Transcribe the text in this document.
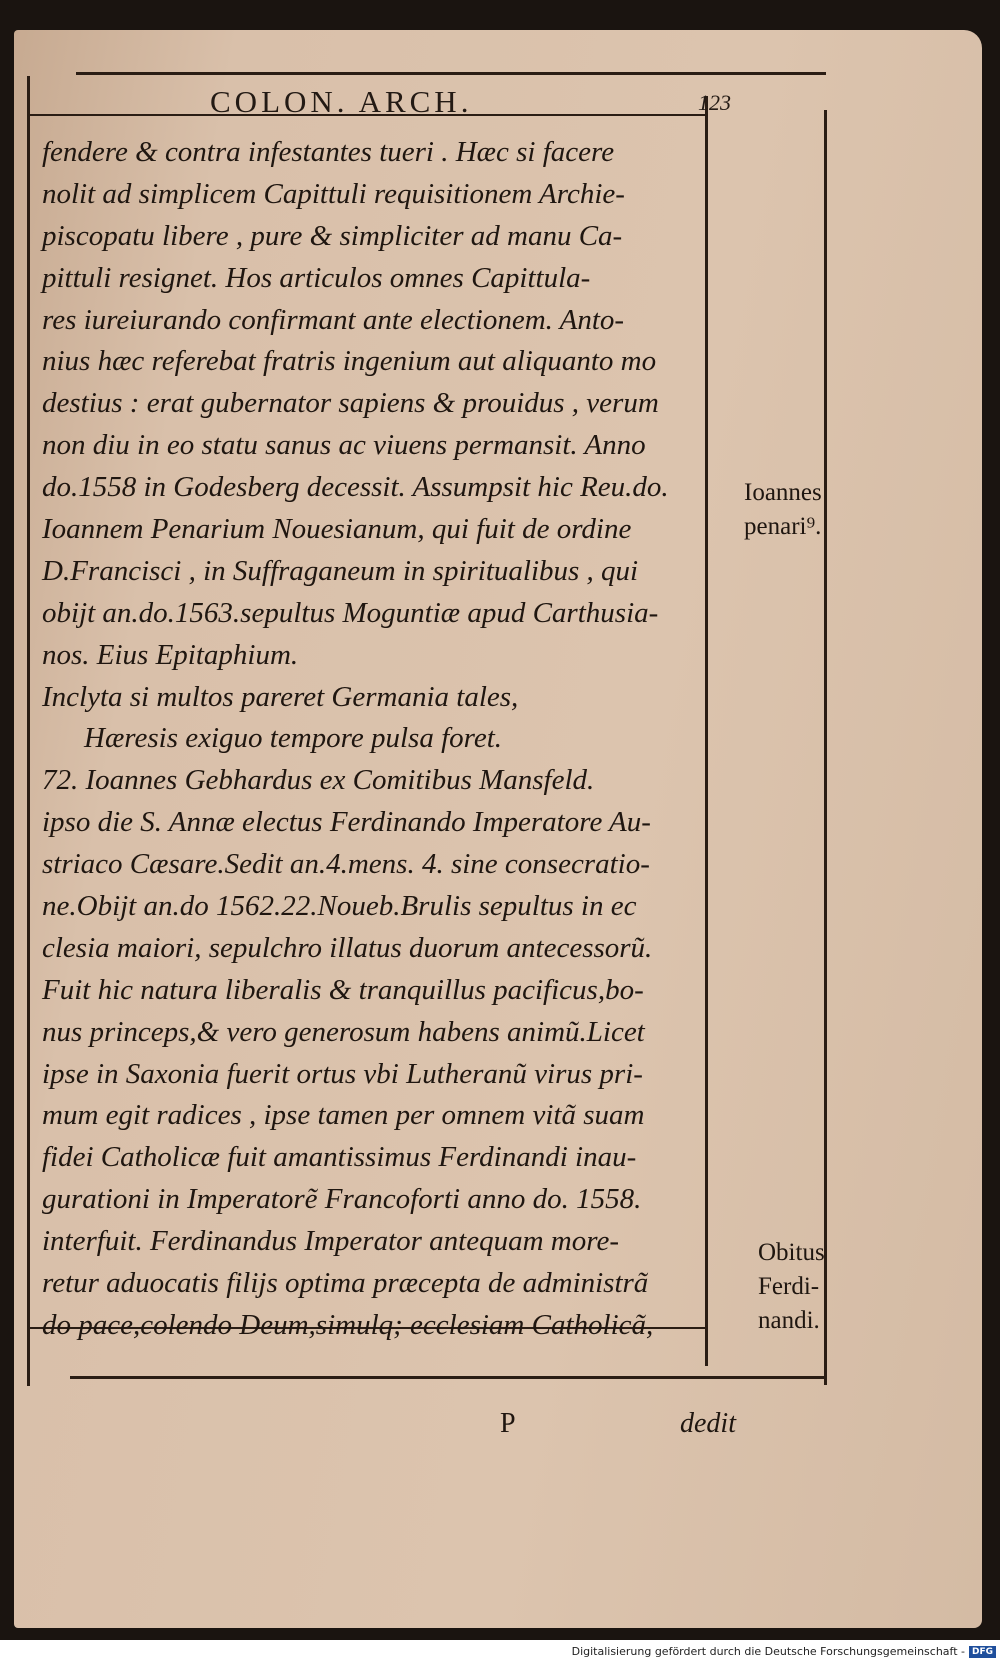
COLON. ARCH.	123
fendere & contra infestantes tueri . Hæc si facere
nolit ad simplicem Capittuli requisitionem Archie-
piscopatu libere , pure & simpliciter ad manu Ca-
pittuli resignet. Hos articulos omnes Capittula-
res iureiurando confirmant ante electionem. Anto-
nius hæc referebat fratris ingenium aut aliquanto mo
destius : erat gubernator sapiens & prouidus , verum
non diu in eo statu sanus ac viuens permansit. Anno
do.1558 in Godesberg decessit. Assumpsit hic Reu.do.
Ioannem Penarium Nouesianum, qui fuit de ordine
D.Francisci , in Suffraganeum in spiritualibus , qui
obijt an.do.1563.sepultus Moguntiæ apud Carthusia-
nos. Eius Epitaphium.
Inclyta si multos pareret Germania tales,
Hæresis exiguo tempore pulsa foret.
72. Ioannes Gebhardus ex Comitibus Mansfeld.
ipso die S. Annæ electus Ferdinando Imperatore Au-
striaco Cæsare.Sedit an.4.mens. 4. sine consecratio-
ne.Obijt an.do 1562.22.Noueb.Brulis sepultus in ec
clesia maiori, sepulchro illatus duorum antecessorũ.
Fuit hic natura liberalis & tranquillus pacificus,bo-
nus princeps,& vero generosum habens animũ.Licet
ipse in Saxonia fuerit ortus vbi Lutheranũ virus pri-
mum egit radices , ipse tamen per omnem vitã suam
fidei Catholicæ fuit amantissimus Ferdinandi inau-
gurationi in Imperatorẽ Francoforti anno do. 1558.
interfuit. Ferdinandus Imperator antequam more-
retur aduocatis filijs optima præcepta de administrã
do pace,colendo Deum,simulq; ecclesiam Catholicã,
Ioannes
penari⁹.
Obitus
Ferdi-
nandi.
P	dedit
Digitalisierung gefördert durch die Deutsche Forschungsgemeinschaft - DFG
